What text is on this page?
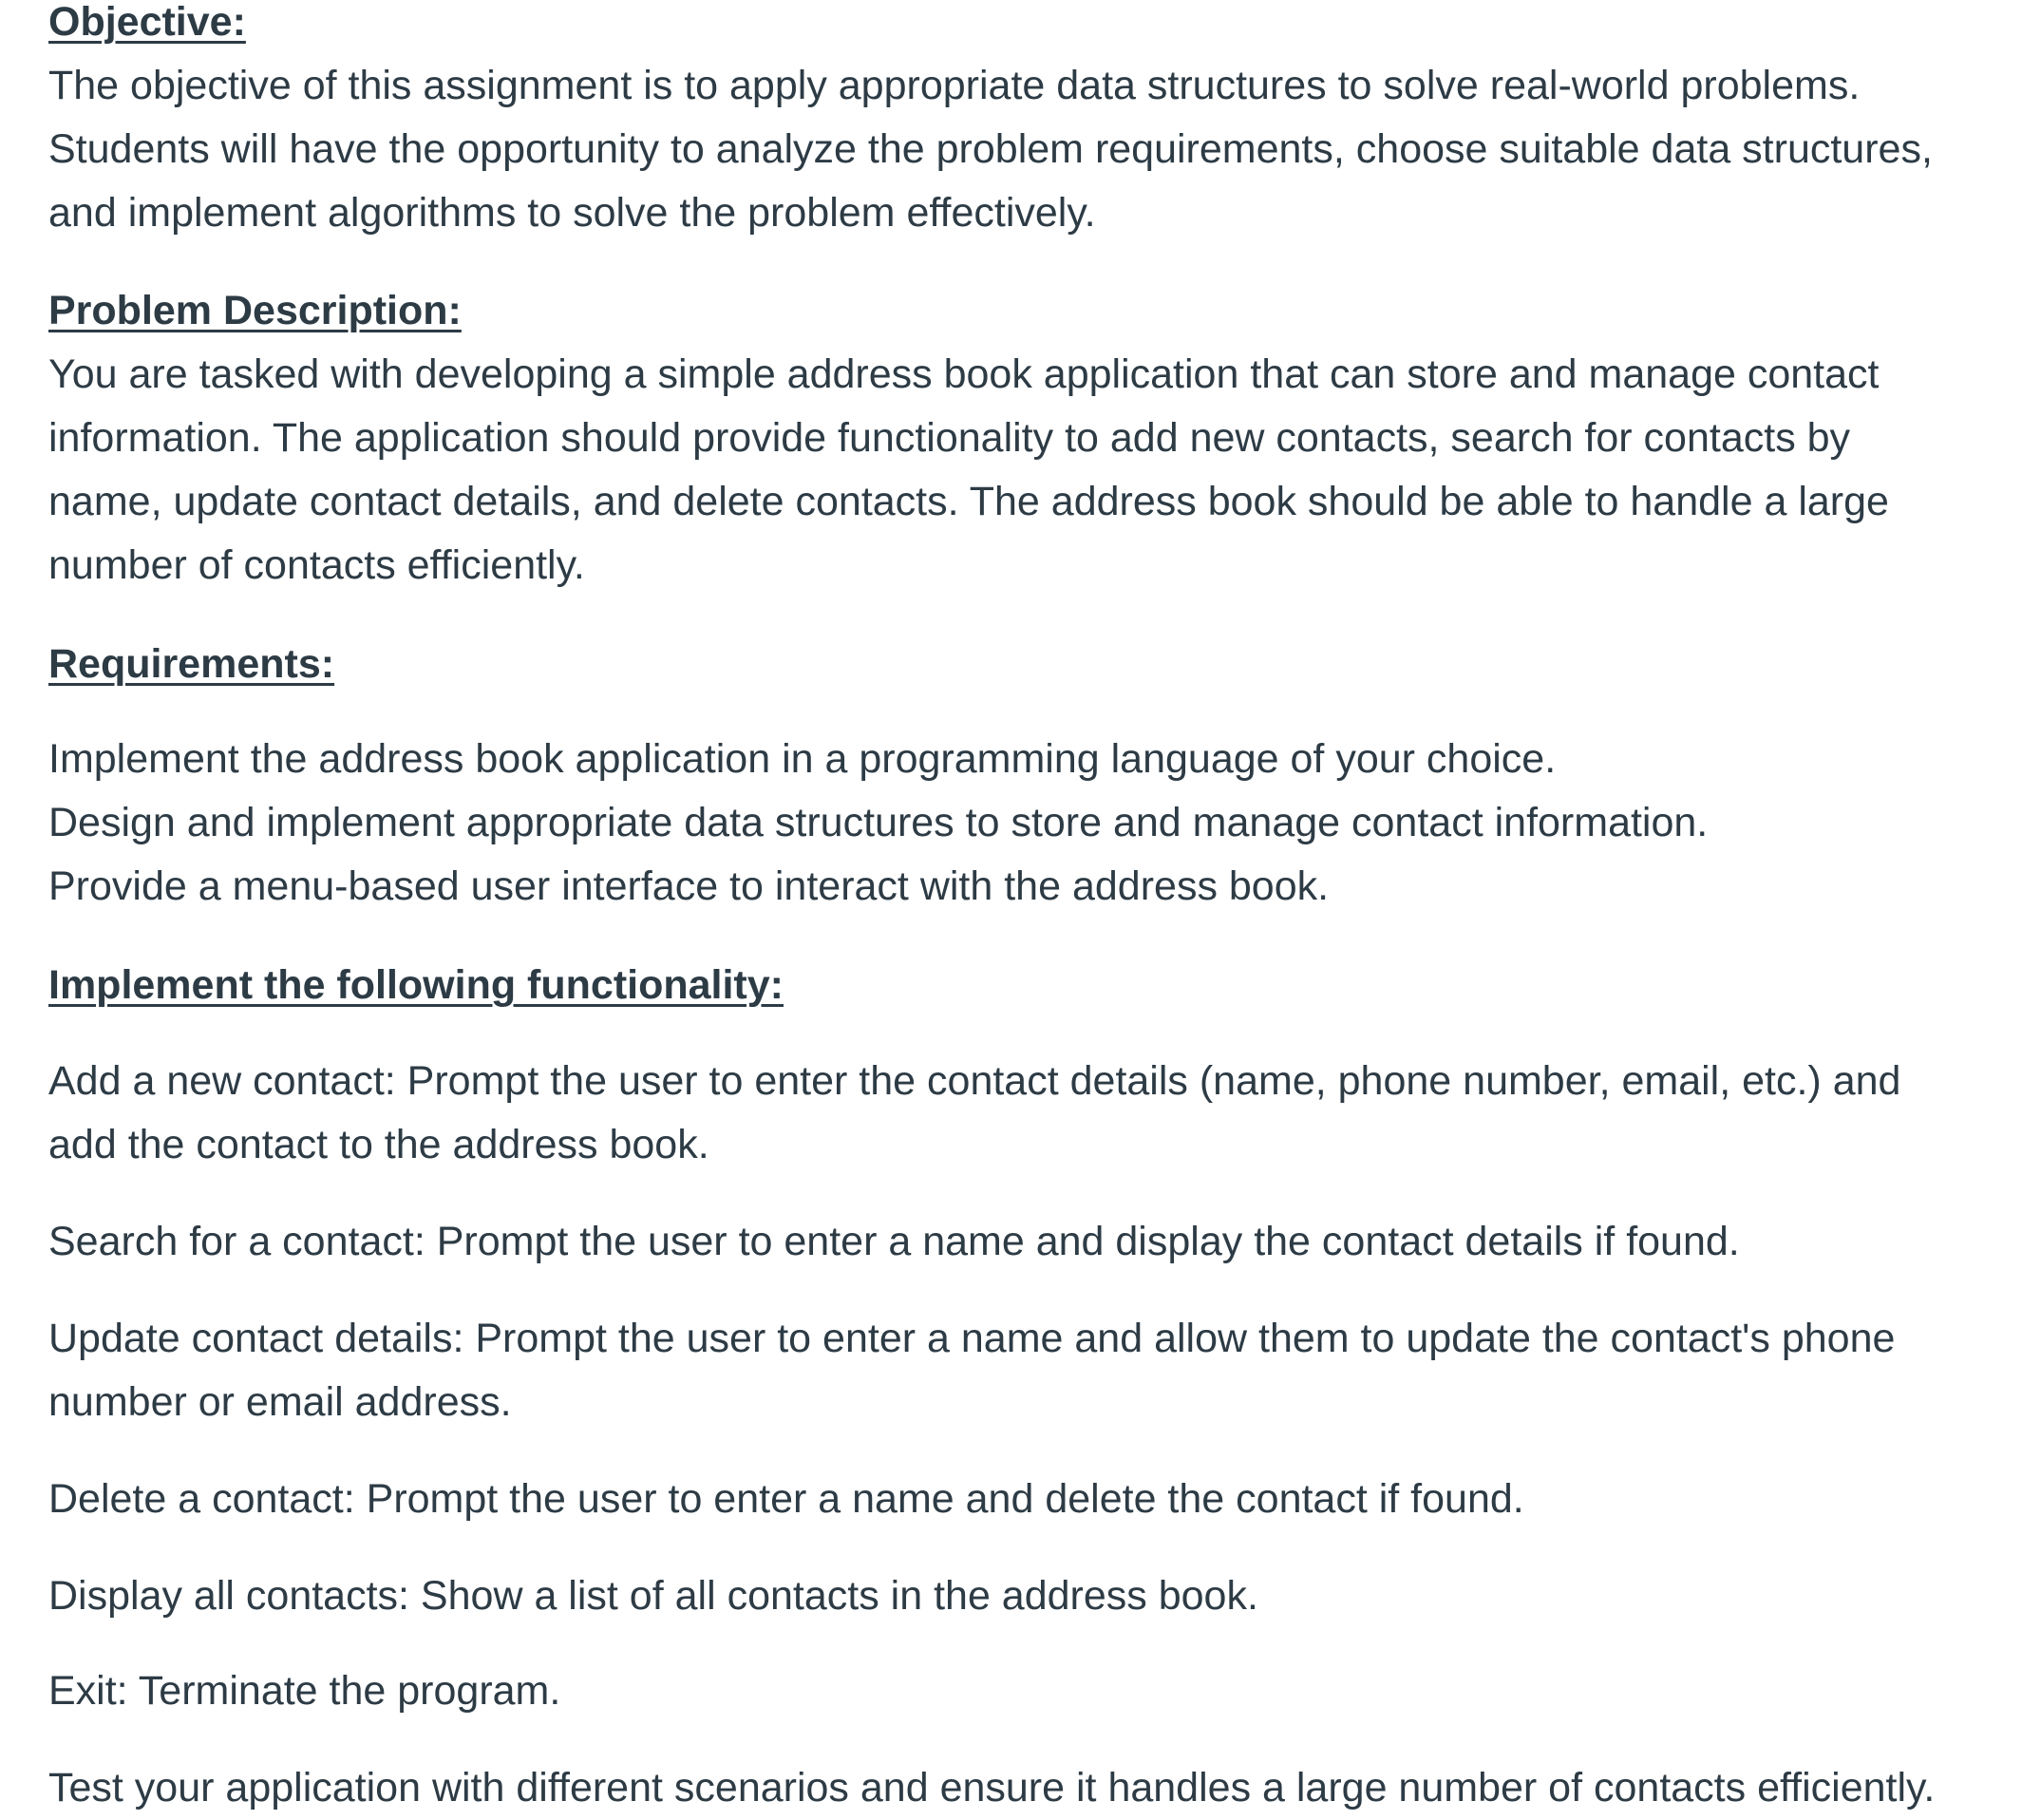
Objective:
The objective of this assignment is to apply appropriate data structures to solve real-world problems.
Students will have the opportunity to analyze the problem requirements, choose suitable data structures,
and implement algorithms to solve the problem effectively.
Problem Description:
You are tasked with developing a simple address book application that can store and manage contact
information. The application should provide functionality to add new contacts, search for contacts by
name, update contact details, and delete contacts. The address book should be able to handle a large
number of contacts efficiently.
Requirements:
Implement the address book application in a programming language of your choice.
Design and implement appropriate data structures to store and manage contact information.
Provide a menu-based user interface to interact with the address book.
Implement the following functionality:
Add a new contact: Prompt the user to enter the contact details (name, phone number, email, etc.) and
add the contact to the address book.
Search for a contact: Prompt the user to enter a name and display the contact details if found.
Update contact details: Prompt the user to enter a name and allow them to update the contact's phone
number or email address.
Delete a contact: Prompt the user to enter a name and delete the contact if found.
Display all contacts: Show a list of all contacts in the address book.
Exit: Terminate the program.
Test your application with different scenarios and ensure it handles a large number of contacts efficiently.
